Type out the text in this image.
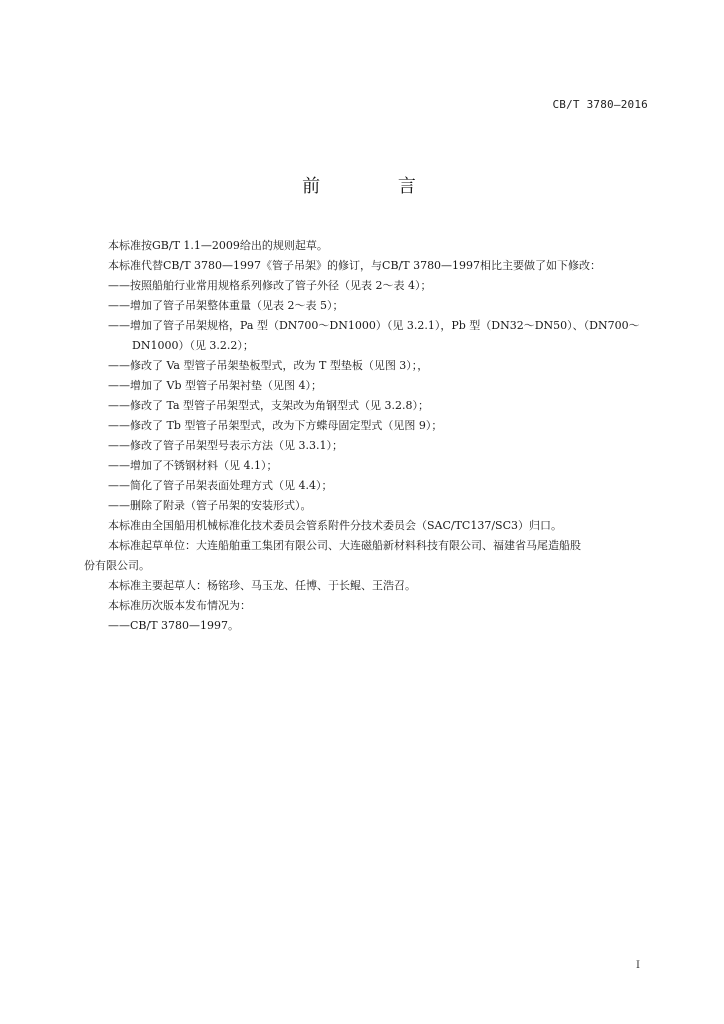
CB/T 3780—2016
前 言
本标准按GB/T 1.1—2009给出的规则起草。
本标准代替CB/T 3780—1997《管子吊架》的修订，与CB/T 3780—1997相比主要做了如下修改：
——按照船舶行业常用规格系列修改了管子外径（见表 2～表 4）；
——增加了管子吊架整体重量（见表 2～表 5）；
——增加了管子吊架规格，Pa 型（DN700～DN1000）（见 3.2.1），Pb 型（DN32～DN50）、（DN700～
DN1000）（见 3.2.2）；
——修改了 Va 型管子吊架垫板型式，改为 T 型垫板（见图 3）；，
——增加了 Vb 型管子吊架衬垫（见图 4）；
——修改了 Ta 型管子吊架型式，支架改为角钢型式（见 3.2.8）；
——修改了 Tb 型管子吊架型式，改为下方蝶母固定型式（见图 9）；
——修改了管子吊架型号表示方法（见 3.3.1）；
——增加了不锈钢材料（见 4.1）；
——简化了管子吊架表面处理方式（见 4.4）；
——删除了附录（管子吊架的安装形式）。
本标准由全国船用机械标准化技术委员会管系附件分技术委员会（SAC/TC137/SC3）归口。
本标准起草单位：大连船舶重工集团有限公司、大连磁船新材料科技有限公司、福建省马尾造船股
份有限公司。
本标准主要起草人：杨铭珍、马玉龙、任博、于长鲲、王浩召。
本标准历次版本发布情况为：
——CB/T 3780—1997。
I
